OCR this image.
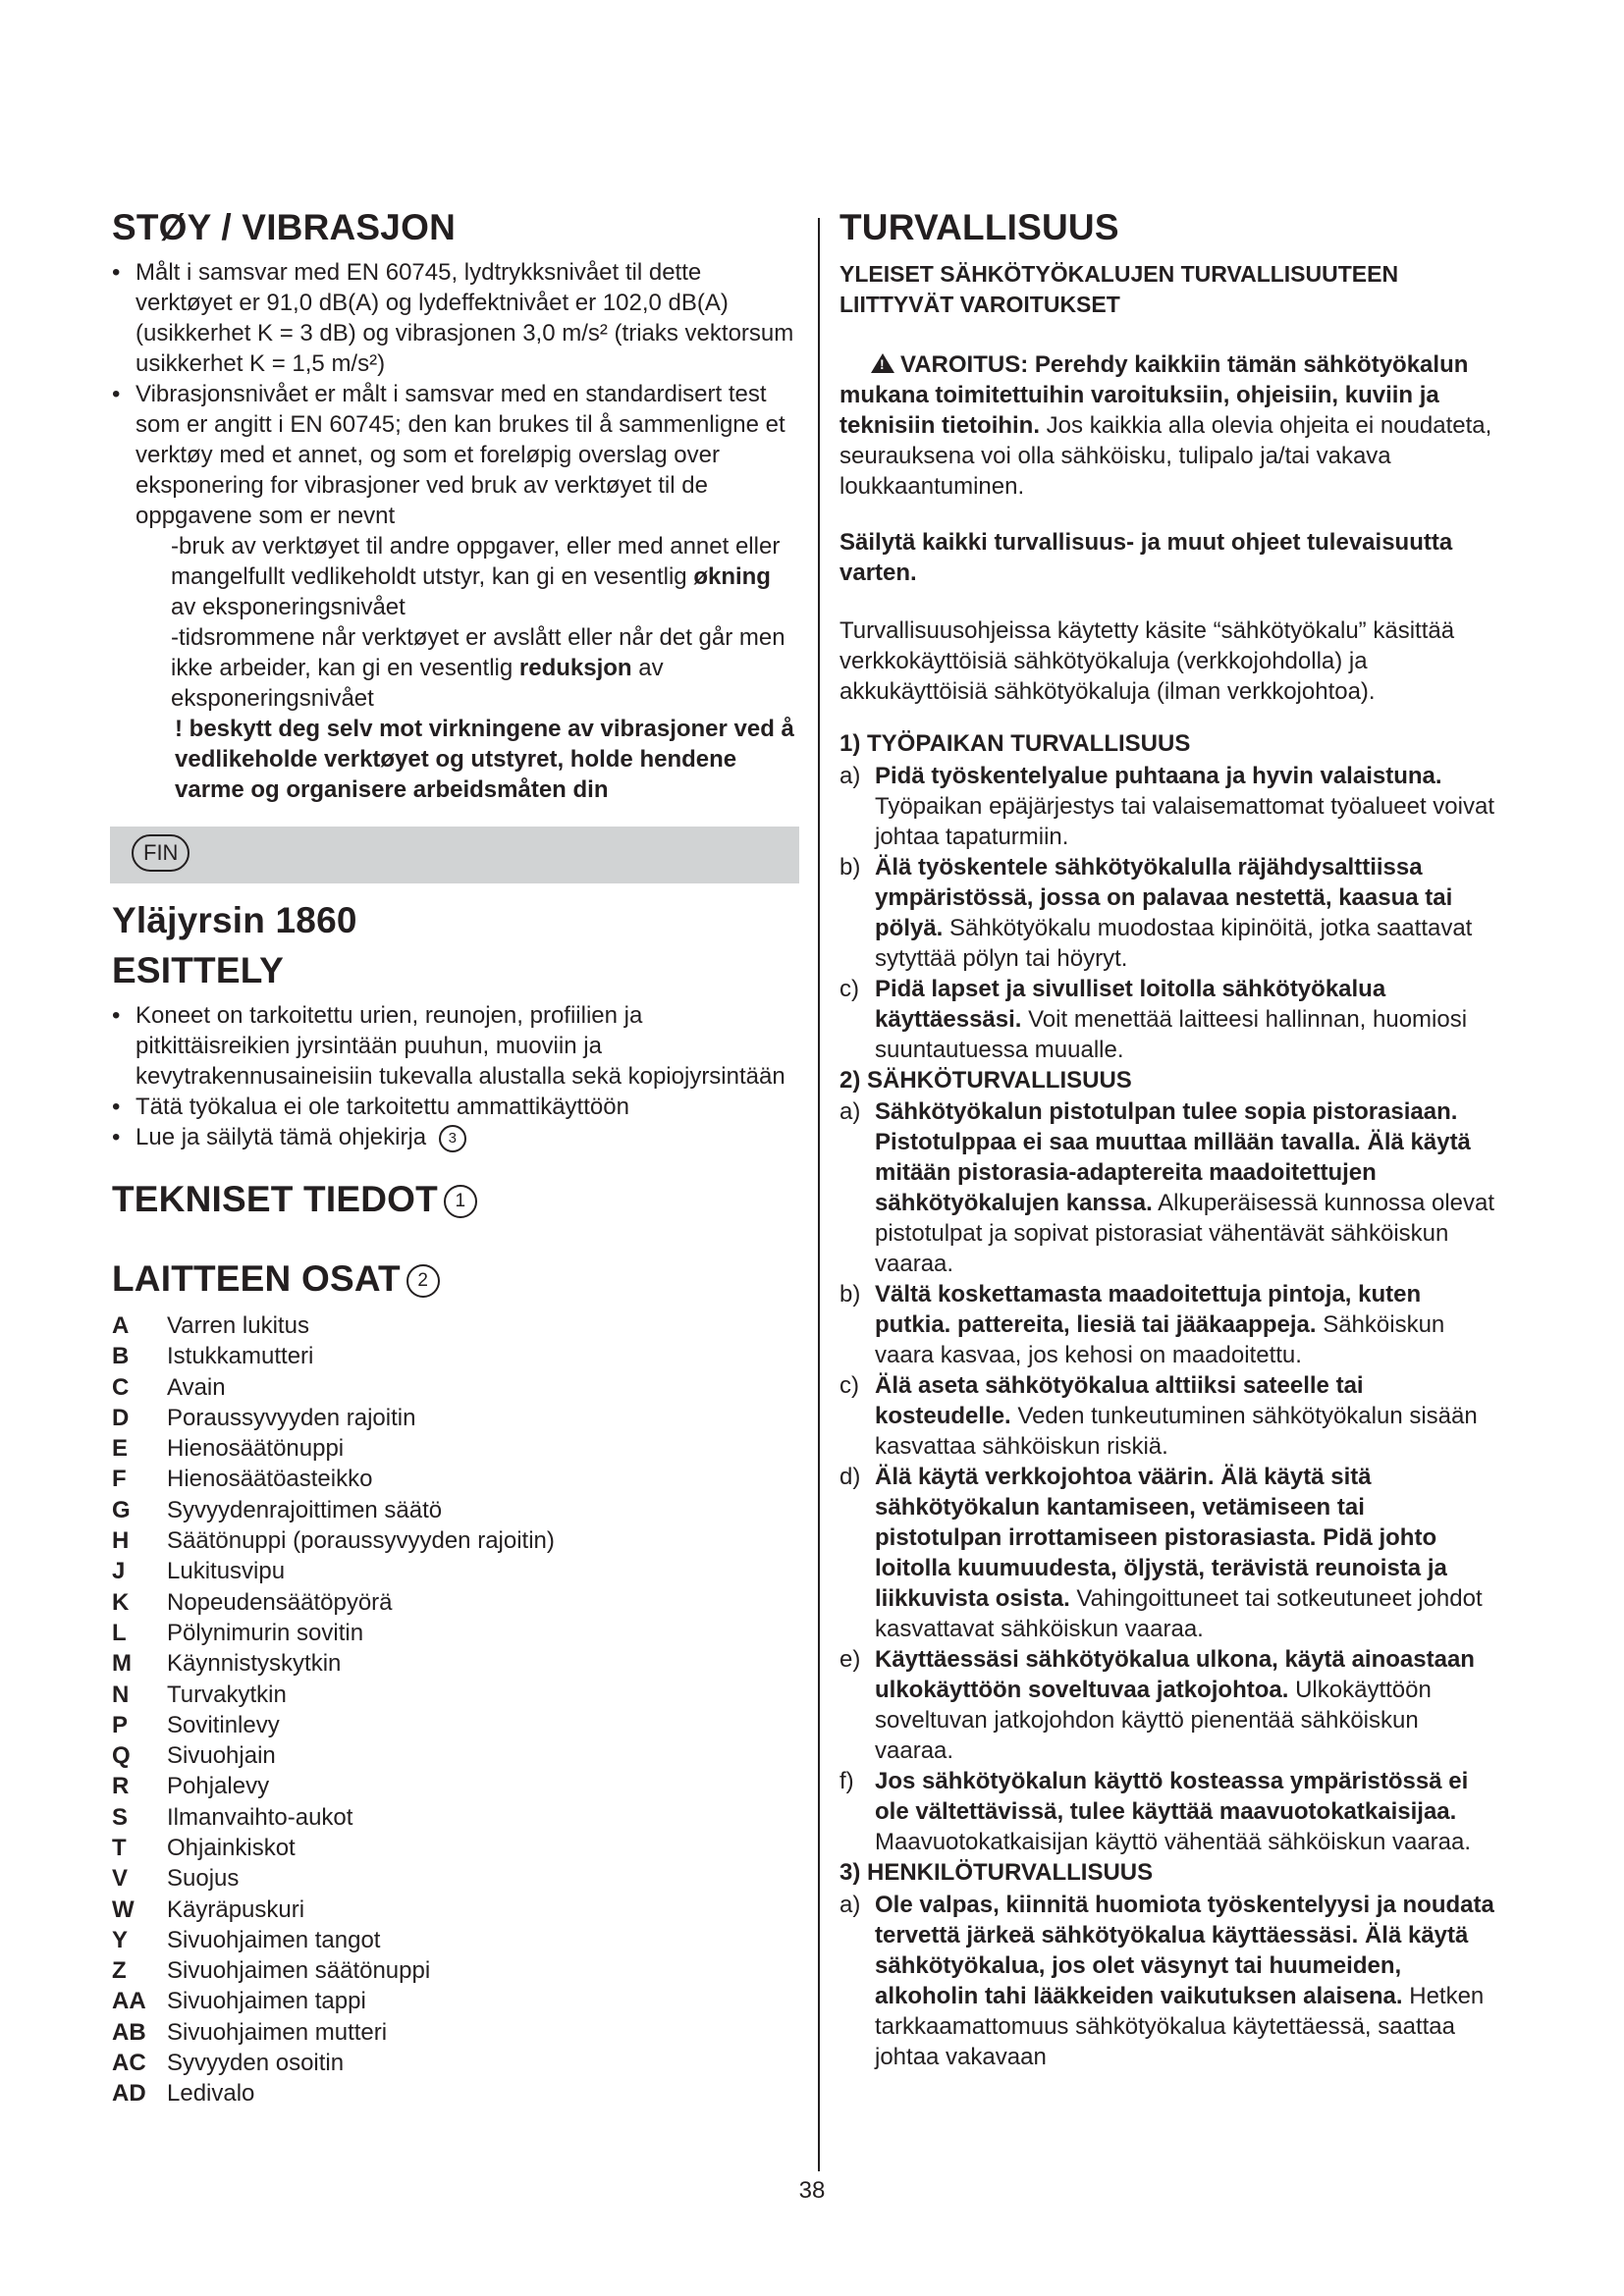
STØY / VIBRASJON
• Målt i samsvar med EN 60745, lydtrykksnivået til dette verktøyet er 91,0 dB(A) og lydeffektnivået er 102,0 dB(A) (usikkerhet K = 3 dB) og vibrasjonen 3,0 m/s² (triaks vektorsum usikkerhet K = 1,5 m/s²)
• Vibrasjonsnivået er målt i samsvar med en standardisert test som er angitt i EN 60745; den kan brukes til å sammenligne et verktøy med et annet, og som et foreløpig overslag over eksponering for vibrasjoner ved bruk av verktøyet til de oppgavene som er nevnt
-bruk av verktøyet til andre oppgaver, eller med annet eller mangelfullt vedlikeholdt utstyr, kan gi en vesentlig økning av eksponeringsnivået
-tidsrommene når verktøyet er avslått eller når det går men ikke arbeider, kan gi en vesentlig reduksjon av eksponeringsnivået
! beskytt deg selv mot virkningene av vibrasjoner ved å vedlikeholde verktøyet og utstyret, holde hendene varme og organisere arbeidsmåten din
FIN
Yläjyrsin 1860
ESITTELY
• Koneet on tarkoitettu urien, reunojen, profiilien ja pitkittäisreikien jyrsintään puuhun, muoviin ja kevytrakennusaineisiin tukevalla alustalla sekä kopiojyrsintään
• Tätä työkalua ei ole tarkoitettu ammattikäyttöön
• Lue ja säilytä tämä ohjekirja 3
TEKNISET TIEDOT 1
LAITTEEN OSAT 2
A	Varren lukitus
B	Istukkamutteri
C	Avain
D	Poraussyvyyden rajoitin
E	Hienosäätönuppi
F	Hienosäätöasteikko
G	Syvyydenrajoittimen säätö
H	Säätönuppi (poraussyvyyden rajoitin)
J	Lukitusvipu
K	Nopeudensäätöpyörä
L	Pölynimurin sovitin
M	Käynnistyskytkin
N	Turvakytkin
P	Sovitinlevy
Q	Sivuohjain
R	Pohjalevy
S	Ilmanvaihto-aukot
T	Ohjainkiskot
V	Suojus
W	Käyräpuskuri
Y	Sivuohjaimen tangot
Z	Sivuohjaimen säätönuppi
AA Sivuohjaimen tappi
AB Sivuohjaimen mutteri
AC Syvyyden osoitin
AD Ledivalo
TURVALLISUUS
YLEISET SÄHKÖTYÖKALUJEN TURVALLISUUTEEN LIITTYVÄT VAROITUKSET

!VAROITUS: Perehdy kaikkiin tämän sähkötyökalun mukana toimitettuihin varoituksiin, ohjeisiin, kuviin ja teknisiin tietoihin. Jos kaikkia alla olevia ohjeita ei noudateta, seurauksena voi olla sähköisku, tulipalo ja/tai vakava loukkaantuminen.

Säilytä kaikki turvallisuus- ja muut ohjeet tulevaisuutta varten.

Turvallisuusohjeissa käytetty käsite “sähkötyökalu” käsittää verkkokäyttöisiä sähkötyökaluja (verkkojohdolla) ja akkukäyttöisiä sähkötyökaluja (ilman verkkojohtoa).

1) TYÖPAIKAN TURVALLISUUS
a) Pidä työskentelyalue puhtaana ja hyvin valaistuna. Työpaikan epäjärjestys tai valaisemattomat työalueet voivat johtaa tapaturmiin.
b) Älä työskentele sähkötyökalulla räjähdysalttiissa ympäristössä, jossa on palavaa nestettä, kaasua tai pölyä. Sähkötyökalu muodostaa kipinöitä, jotka saattavat sytyttää pölyn tai höyryt.
c) Pidä lapset ja sivulliset loitolla sähkötyökalua käyttäessäsi. Voit menettää laitteesi hallinnan, huomiosi suuntautuessa muualle.
2) SÄHKÖTURVALLISUUS
a) Sähkötyökalun pistotulpan tulee sopia pistorasiaan. Pistotulppaa ei saa muuttaa millään tavalla. Älä käytä mitään pistorasia-adaptereita maadoitettujen sähkötyökalujen kanssa. Alkuperäisessä kunnossa olevat pistotulpat ja sopivat pistorasiat vähentävät sähköiskun vaaraa.
b) Vältä koskettamasta maadoitettuja pintoja, kuten putkia. pattereita, liesiä tai jääkaappeja. Sähköiskun vaara kasvaa, jos kehosi on maadoitettu.
c) Älä aseta sähkötyökalua alttiiksi sateelle tai kosteudelle. Veden tunkeutuminen sähkötyökalun sisään kasvattaa sähköiskun riskiä.
d) Älä käytä verkkojohtoa väärin. Älä käytä sitä sähkötyökalun kantamiseen, vetämiseen tai pistotulpan irrottamiseen pistorasiasta. Pidä johto loitolla kuumuudesta, öljystä, terävistä reunoista ja liikkuvista osista. Vahingoittuneet tai sotkeutuneet johdot kasvattavat sähköiskun vaaraa.
e) Käyttäessäsi sähkötyökalua ulkona, käytä ainoastaan ulkokäyttöön soveltuvaa jatkojohtoa. Ulkokäyttöön soveltuvan jatkojohdon käyttö pienentää sähköiskun vaaraa.
f) Jos sähkötyökalun käyttö kosteassa ympäristössä ei ole vältettävissä, tulee käyttää maavuotokatkaisijaa. Maavuotokatkaisijan käyttö vähentää sähköiskun vaaraa.
3) HENKILÖTURVALLISUUS
a) Ole valpas, kiinnitä huomiota työskentelyysi ja noudata tervettä järkeä sähkötyökalua käyttäessäsi. Älä käytä sähkötyökalua, jos olet väsynyt tai huumeiden, alkoholin tahi lääkkeiden vaikutuksen alaisena. Hetken tarkkaamattomuus sähkötyökalua käytettäessä, saattaa johtaa vakavaan
38
